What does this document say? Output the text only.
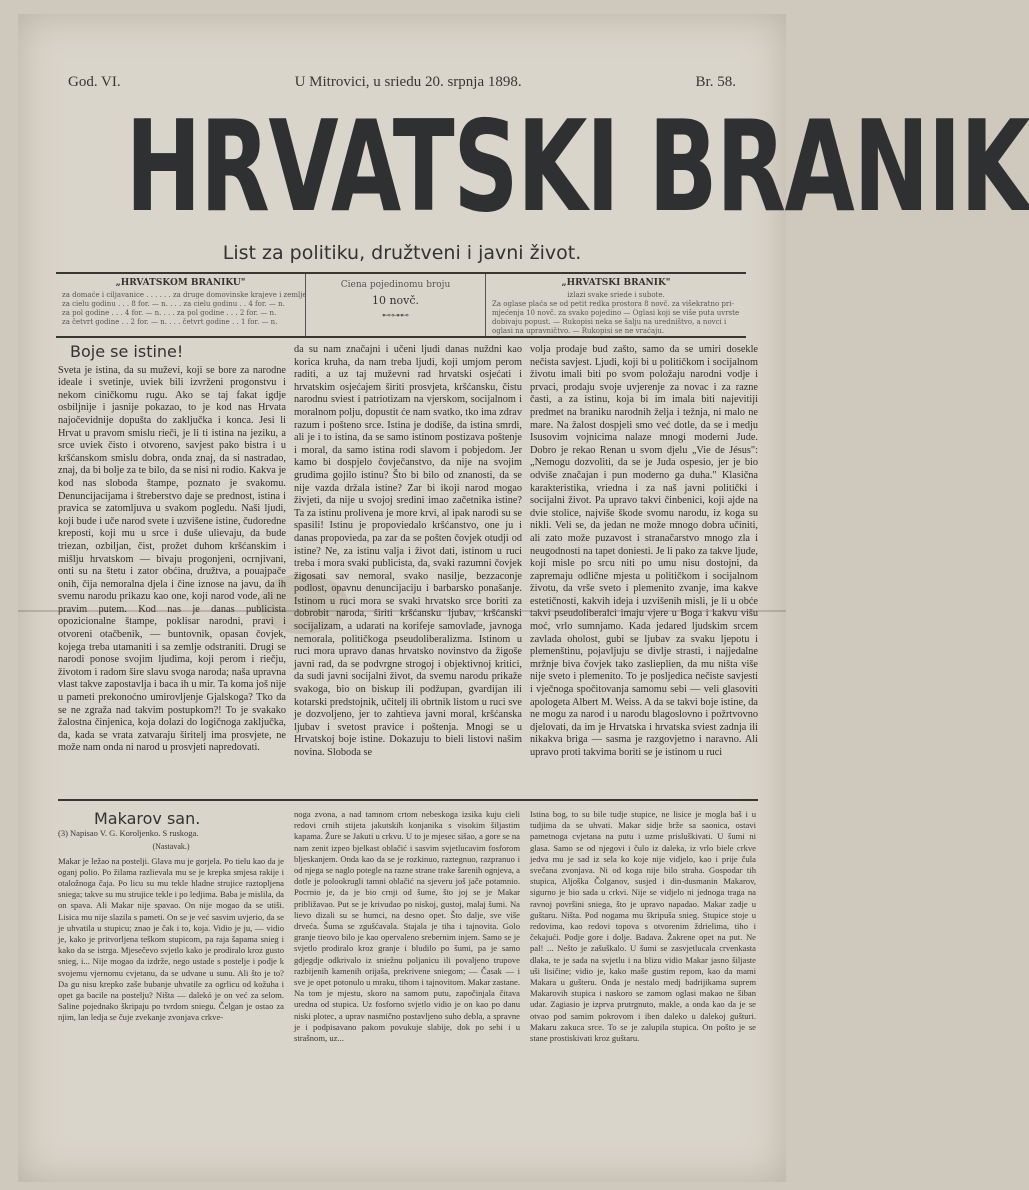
God. VI.	U Mitrovici, u sriedu 20. srpnja 1898.	Br. 58.
HRVATSKI BRANIK
List za politiku, družtveni i javni život.
„HRVATSKOM BRANIKU"
za domaće i ciljavanice . . . . . . za druge domovinske krajeve i zemlje
za cielu godinu . . . 8 for. — n. . . . za cielu godinu . . 4 for. — n.
za pol godine . . . 4 for. — n. . . . za pol godine . . . 2 for. — n.
za četvrt godine . . 2 for. — n. . . . četvrt godine . . 1 for. — n.
Ciena pojedinomu broju
10 novč.
⊷⊶⊷
„HRVATSKI BRANIK"
izlazi svake sriede i subote.
Za oglase plaća se od petit redka prostora 8 novč. za višekratno pri-
mjećenja 10 novč. za svako pojedino — Oglasi koji se više puta uvrste
dobivaju popust. — Rukopisi neka se šalju na uredništvo, a novci i
oglasi na upravničtvo. — Rukopisi se ne vraćaju.
Boje se istine!
Sveta je istina, da su muževi, koji se bore za narodne ideale i svetinje, uviek bili izvrženi progonstvu i nekom ciničkomu rugu. Ako se taj fakat igdje osbiljnije i jasnije pokazao, to je kod nas Hrvata najočevidnije dopušta do zaključka i konca. Jesi li Hrvat u pravom smislu rieči, je li ti istina na jeziku, a srce uviek čisto i otvoreno, savjest pako bistra i u kršćanskom smislu dobra, onda znaj, da si nastradao, znaj, da bi bolje za te bilo, da se nisi ni rodio. Kakva je kod nas sloboda štampe, poznato je svakomu. Denuncijacijama i štreberstvo daje se prednost, istina i pravica se zatomljuva u svakom pogledu. Naši ljudi, koji bude i uče narod svete i uzvišene istine, čudoredne kreposti, koji mu u srce i duše ulievaju, da bude triezan, ozbiljan, čist, prožet duhom kršćanskim i mišlju hrvatskom — bivaju progonjeni, ocrnjivani, onti su na štetu i zator obćina, družtva, a pouajpače onih, čija nemoralna djela i čine iznose na javu, da ih svemu narodu prikazu kao one, koji narod vode, ali ne pravim putem. Kod nas je danas publicista opozicionalne štampe, poklisar narodni, pravi i otvoreni otačbenik, — buntovnik, opasan čovjek, kojega treba utamaniti i sa zemlje odstraniti. Drugi se narodi ponose svojim ljudima, koji perom i riečju, životom i radom šire slavu svoga naroda; naša upravna vlast takve zapostavlja i baca ih u mir. Ta koma još nije u pameti prekonoćno umirovljenje Gjalskoga? Tko da se ne zgraža nad takvim postupkom?! To je svakako žalostna činjenica, koja dolazi do logičnoga zaključka, da, kada se vrata zatvaraju širitelj ima prosvjete, ne može nam onda ni narod u prosvjeti napredovati.
da su nam značajni i učeni ljudi danas nuždni kao korica kruha, da nam treba ljudi, koji umjom perom raditi, a uz taj muževni rad hrvatski osjećati i hrvatskim osjećajem širiti prosvjeta, kršćansku, čistu narodnu sviest i patriotizam na vjerskom, socijalnom i moralnom polju, dopustit će nam svatko, tko ima zdrav razum i pošteno srce. Istina je dodiše, da istina smrdi, ali je i to istina, da se samo istinom postizava poštenje i moral, da samo istina rodi slavom i pobjedom. Jer kamo bi dospjelo čovječanstvo, da nije na svojim grudima gojilo istinu? Što bi bilo od znanosti, da se nije vazda držala istine? Zar bi ikoji narod mogao živjeti, da nije u svojoj sredini imao začetnika istine? Ta za istinu prolivena je more krvi, al ipak narodi su se spasili! Istinu je propoviedalo kršćanstvo, one ju i danas propovieda, pa zar da se pošten čovjek otudji od istine? Ne, za istinu valja i život dati, istinom u ruci treba i mora svaki publicista, da, svaki razumni čovjek žigosati sav nemoral, svako nasilje, bezzaconje podlost, opavnu denuncijaciju i barbarsko ponašanje. Istinom u ruci mora se svaki hrvatsko srce boriti za dobrobit naroda, širiti kršćansku ljubav, kršćanski socijalizam, a udarati na korifeje samovlađe, javnoga nemorala, političkoga pseudoliberalizma. Istinom u ruci mora upravo danas hrvatsko novinstvo da žigoše javni rad, da se podvrgne strogoj i objektivnoj kritici, da sudi javni socijalni život, da svemu narodu prikaže svakoga, bio on biskup ili podžupan, gvardijan ili kotarski predstojnik, učitelj ili obrtnik listom u ruci sve je dozvoljeno, jer to zahtieva javni moral, kršćanska ljubav i svetost pravice i poštenja. Mnogi se u Hrvatskoj boje istine. Dokazuju to bieli listovi našim novina. Sloboda se
volja prodaje bud zašto, samo da se umiri dosekle nečista savjest. Ljudi, koji bi u političkom i socijalnom životu imali biti po svom položaju narodni vodje i prvaci, prodaju svoje uvjerenje za novac i za razne časti, a za istinu, koja bi im imala biti najevitiji predmet na braniku narodnih želja i težnja, ni malo ne mare. Na žalost dospjeli smo već dotle, da se i medju Isusovim vojnicima nalaze mnogi moderni Jude. Dobro je rekao Renan u svom djelu „Vie de Jésus": „Nemogu dozvoliti, da se je Juda ospesio, jer je bio odviše značajan i pun moderno ga duha." Klasična karakteristika, vriedna i za naš javni politički i socijalni život. Pa upravo takvi činbenici, koji ajde na dvie stolice, najviše škode svomu narodu, iz koga su nikli. Veli se, da jedan ne može mnogo dobra učiniti, ali zato može puzavost i stranačarstvo mnogo zla i neugodnosti na tapet doniesti. Je li pako za takve ljude, koji misle po srcu niti po umu nisu dostojni, da zapremaju odlične mjesta u političkom i socijalnom životu, da vrše sveto i plemenito zvanje, ima kakve estetičnosti, kakvih ideja i uzvišenih misli, je li u obće takvi pseudoliberalci imaju vjere u Boga i kakvu višu moć, vrlo sumnjamo. Kada jedared ljudskim srcem zavlada oholost, gubi se ljubav za svaku ljepotu i plemenštinu, pojavljuju se divlje strasti, i najjedalne mržnje biva čovjek tako zaslieplien, da mu ništa više nije sveto i plemenito. To je posljedica nečiste savjesti i vječnoga spočitovanja samomu sebi — veli glasoviti apologeta Albert M. Weiss. A da se takvi boje istine, da ne mogu za narod i u narodu blagoslovno i požrtvovno djelovati, da im je Hrvatska i hrvatska sviest zadnja ili nikakva briga — sasma je razgovjetno i naravno. Ali upravo proti takvima boriti se je istinom u ruci
Makarov san.
(3) Napisao V. G. Koroljenko. S ruskoga.
(Nastavak.)
Makar je ležao na postelji. Glava mu je gorjela. Po tielu kao da je oganj polio. Po žilama razlievala mu se je krepka smjesa rakije i otaložnoga čaja. Po licu su mu tekle hladne strujice raztopljena sniega; takve su mu strujice tekle i po ledjima. Baba je mislila, da on spava. Ali Makar nije spavao. On nije mogao da se utiši. Lisica mu nije slazila s pameti. On se je već sasvim uvjerio, da se je uhvatila u stupicu; znao je čak i to, koja. Vidio je ju, — vidio je, kako je pritvorljena teškom stupicom, pa raja šapama snieg i kako da se istrga. Mjesečevo svjetlo kako je prodiralo kroz gusto snieg, i... Nije mogao da izdrže, nego ustade s postelje i podje k svojemu vjernomu cvjetanu, da se udvane u sunu. Ali što je to? Da gu nisu krepko zaše bubanje uhvatile za ogrlicu od kožuha i opet ga bacile na postelju? Ništa — dalekó je on već za selom. Saline pojednako škripaju po tvrdom sniegu. Čelgan je ostao za njim, lan ledja se čuje zvekanje zvonjava crkve-
noga zvona, a nad tamnom crtom nebeskoga izsika kuju cieli redovi crnih stijeta jakutskih konjanika s visokim šiljastim kapama. Žure se Jakuti u crkvu. U to je mjesec sišao, a gore se na nam zenit izpeo bjelkast oblačić i sasvim svjetlucavim fosforom bljeskanjem. Onda kao da se je rozkinuo, raztegnuo, razpranuo i od njega se naglo potegle na razne strane trake šarenih ognjeva, a dotle je polookrugli tamni oblačić na sjeveru još jače potamnio. Pocrnio je, da je bio crnji od šume, što joj se je Makar približavao. Put se je krivudao po niskoj, gustoj, malaj šumi. Na lievo dizali su se humci, na desno opet. Što dalje, sve više drveća. Šuma se zgušćavala. Stajala je tiha i tajnovita. Golo granje tieovo bilo je kao opervaleno srebernim injem. Samo se je svjetlo prodiralo kroz granje i bludilo po šumi, pa je samo gdjegdje odkrivalo iz sniežnu poljanicu ili povaljeno trupove razbijenih kamenih orijaša, prekrivene sniegom; — Časak — i sve je opet potonulo u mraku, tihom i tajnovitom. Makar zastane. Na tom je mjestu, skoro na samom putu, započinjala čitava uredna od stupica. Uz fosforno svjetlo vidio je on kao po danu niski plotec, a uprav nasmično postavljeno suho debla, a spravne je i podpisavano pakom povukuje slabije, dok po sebi i u strašnom, uz...
Istina bog, to su bile tudje stupice, ne lisice je mogla baš i u tudjima da se uhvati. Makar sidje brže sa saonica, ostavi pametnoga cvjetana na putu i uzme prisluškivati. U šumi ni glasa. Samo se od njegovi i čulo iz daleka, iz vrlo biele crkve jedva mu je sad iz sela ko koje nije vidjelo, kao i prije čula svečana zvonjava. Ni od koga nije bilo straha. Gospodar tih stupica, Aljoška Čolganov, susjed i din-dusmanin Makarov, sigurno je bio sada u crkvi. Nije se vidjelo ni jednoga traga na ravnoj površini sniega, što je upravo napadao. Makar zadje u guštaru. Ništa. Pod nogama mu škripuša snieg. Stupice stoje u redovima, kao redovi topova s otvorenim ždrielima, tiho i čekajući. Podje gore i dolje. Badava. Žakrene opet na put. Ne pal! ... Nešto je zašuškalo. U šumi se zasvjetlucala crvenkasta dlaka, te je sada na svjetlu i na blizu vidio Makar jasno šiljaste uši lisičine; vidio je, kako maše gustim repom, kao da mami Makara u gušteru. Onda je nestalo medj badrijikama suprem Makarovih stupica i naskoro se zamom oglasi makao ne šiban udar. Zagiasio je izprva prutrgnuto, makle, a onda kao da je se otvao pod samim pokrovom i iben daleko u dalekoj gušturi. Makaru zakuca srce. To se je zalupila stupica. On pošto je se stane prostiskivati kroz guštaru.
